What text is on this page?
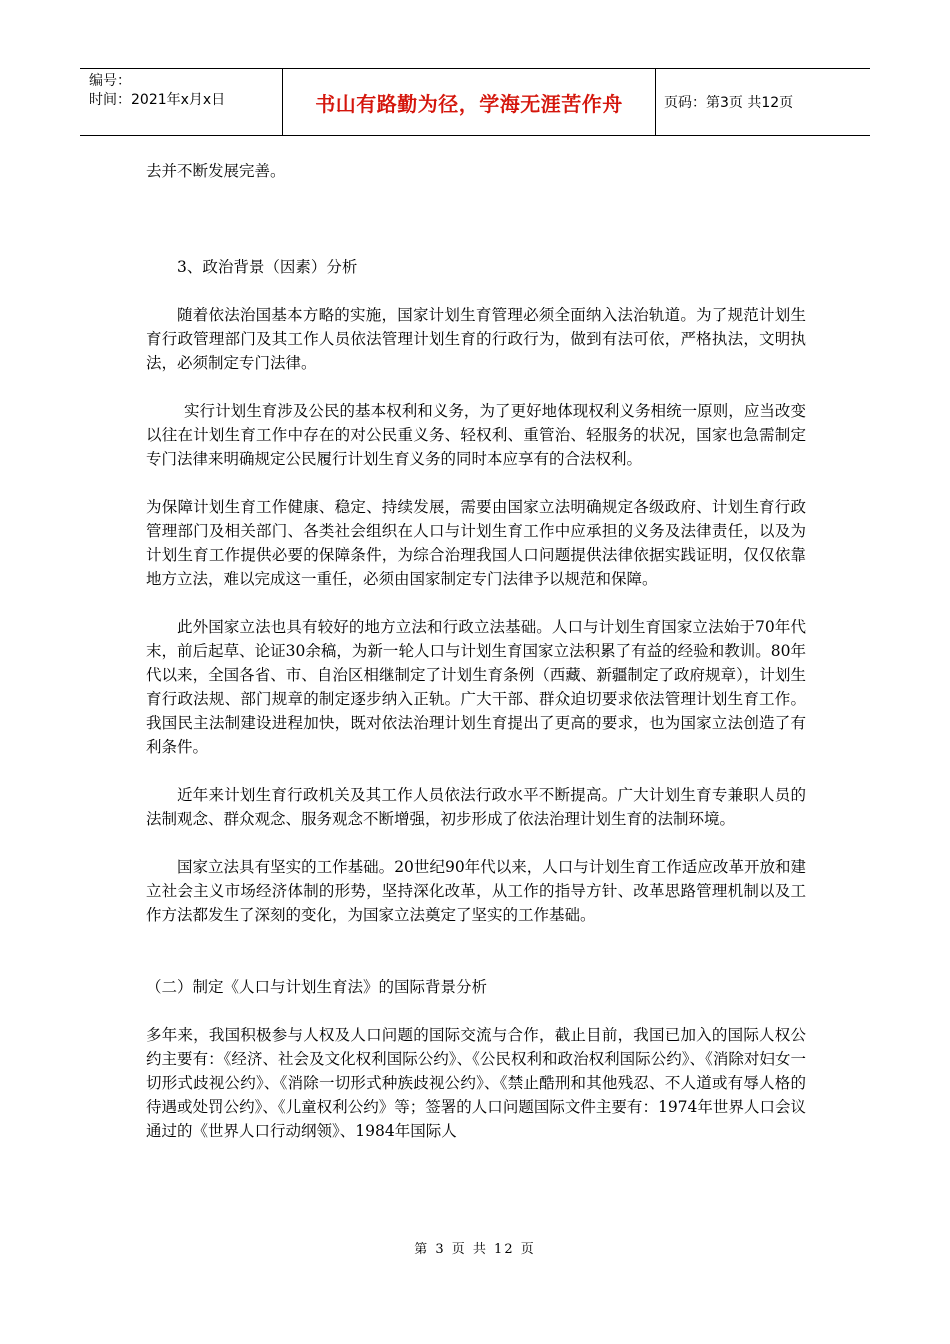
编号：
时间：2021年x月x日	书山有路勤为径，学海无涯苦作舟	页码：第3页 共12页

去并不断发展完善。

3、政治背景（因素）分析

随着依法治国基本方略的实施，国家计划生育管理必须全面纳入法治轨道。为了规范计划生育行政管理部门及其工作人员依法管理计划生育的行政行为，做到有法可依，严格执法，文明执法，必须制定专门法律。

实行计划生育涉及公民的基本权利和义务，为了更好地体现权利义务相统一原则，应当改变以往在计划生育工作中存在的对公民重义务、轻权利、重管治、轻服务的状况，国家也急需制定专门法律来明确规定公民履行计划生育义务的同时本应享有的合法权利。

为保障计划生育工作健康、稳定、持续发展，需要由国家立法明确规定各级政府、计划生育行政管理部门及相关部门、各类社会组织在人口与计划生育工作中应承担的义务及法律责任，以及为计划生育工作提供必要的保障条件，为综合治理我国人口问题提供法律依据实践证明，仅仅依靠地方立法，难以完成这一重任，必须由国家制定专门法律予以规范和保障。

此外国家立法也具有较好的地方立法和行政立法基础。人口与计划生育国家立法始于70年代末，前后起草、论证30余稿，为新一轮人口与计划生育国家立法积累了有益的经验和教训。80年代以来，全国各省、市、自治区相继制定了计划生育条例（西藏、新疆制定了政府规章），计划生育行政法规、部门规章的制定逐步纳入正轨。广大干部、群众迫切要求依法管理计划生育工作。我国民主法制建设进程加快，既对依法治理计划生育提出了更高的要求，也为国家立法创造了有利条件。

近年来计划生育行政机关及其工作人员依法行政水平不断提高。广大计划生育专兼职人员的法制观念、群众观念、服务观念不断增强，初步形成了依法治理计划生育的法制环境。

国家立法具有坚实的工作基础。20世纪90年代以来，人口与计划生育工作适应改革开放和建立社会主义市场经济体制的形势，坚持深化改革，从工作的指导方针、改革思路管理机制以及工作方法都发生了深刻的变化，为国家立法奠定了坚实的工作基础。

（二）制定《人口与计划生育法》的国际背景分析

多年来，我国积极参与人权及人口问题的国际交流与合作，截止目前，我国已加入的国际人权公约主要有：《经济、社会及文化权利国际公约》、《公民权利和政治权利国际公约》、《消除对妇女一切形式歧视公约》、《消除一切形式种族歧视公约》、《禁止酷刑和其他残忍、不人道或有辱人格的待遇或处罚公约》、《儿童权利公约》等；签署的人口问题国际文件主要有：1974年世界人口会议通过的《世界人口行动纲领》、1984年国际人

第 3 页 共 12 页
